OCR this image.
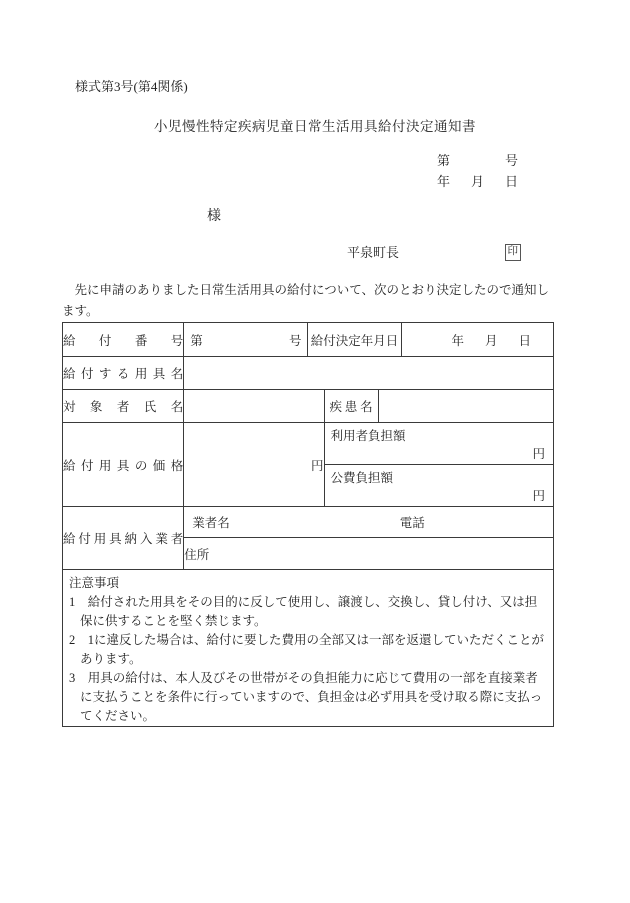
様式第3号(第4関係)
小児慢性特定疾病児童日常生活用具給付決定通知書
第	号
年 月 日
様
平泉町長	印
先に申請のありました日常生活用具の給付について、次のとおり決定したので通知します。
給付番号	第 号	給付決定年月日			年 月 日

給付する用具名					
対象者氏名			疾患名		
給付用具の価格	円		利用者負担額
円		

			公費負担額
円		

給付用具納入業者	業者名 電話				

	住所				

注意事項
1　給付された用具をその目的に反して使用し、譲渡し、交換し、貸し付け、又は担保に供することを堅く禁じます。
2　1に違反した場合は、給付に要した費用の全部又は一部を返還していただくことがあります。
3　用具の給付は、本人及びその世帯がその負担能力に応じて費用の一部を直接業者に支払うことを条件に行っていますので、負担金は必ず用具を受け取る際に支払ってください。					
